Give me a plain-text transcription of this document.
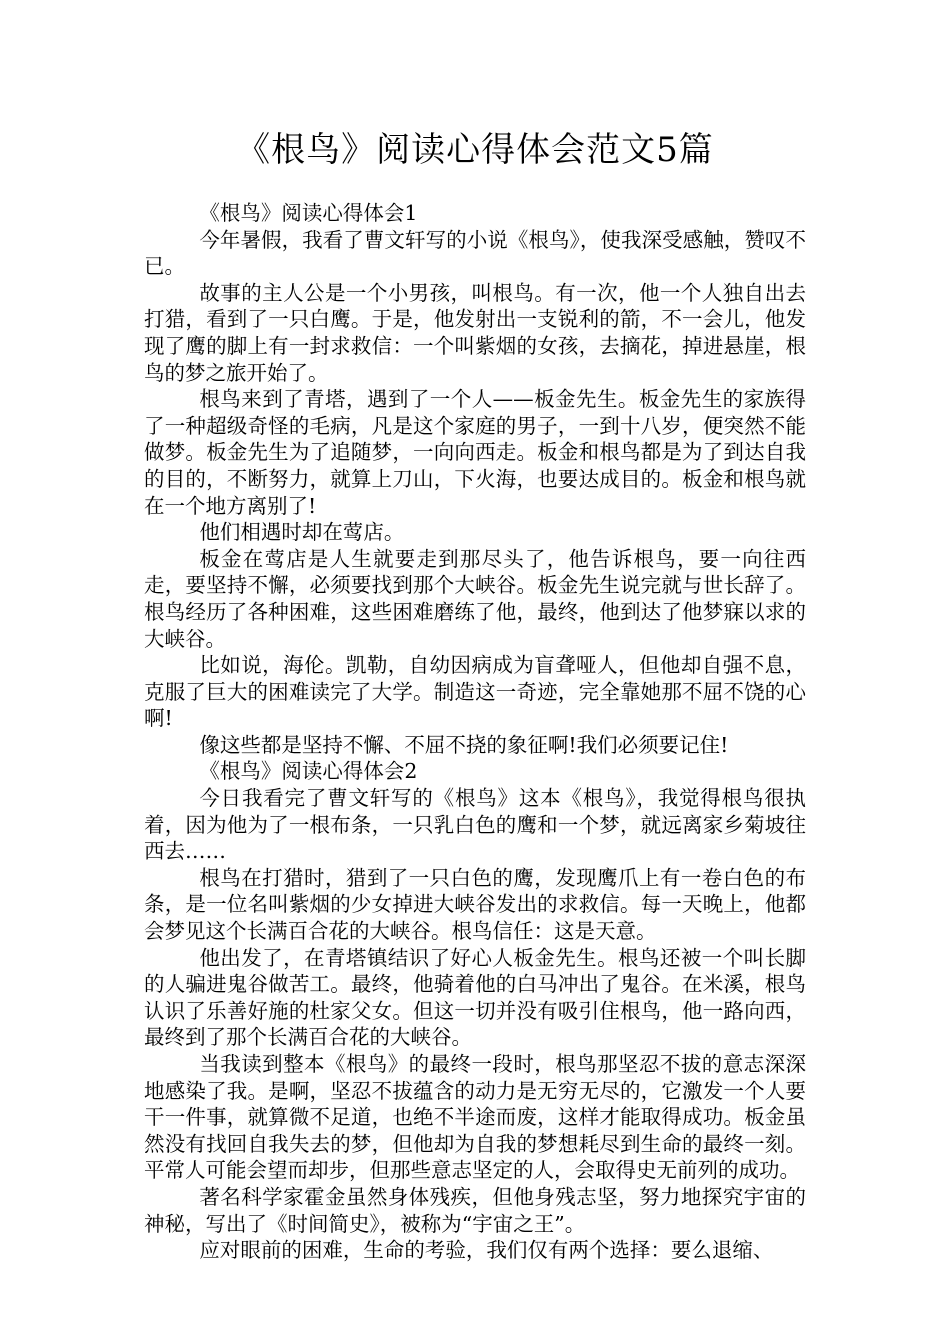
《根鸟》阅读心得体会范文5篇

《根鸟》阅读心得体会1

今年暑假，我看了曹文轩写的小说《根鸟》，使我深受感触，赞叹不已。

故事的主人公是一个小男孩，叫根鸟。有一次，他一个人独自出去打猎，看到了一只白鹰。于是，他发射出一支锐利的箭，不一会儿，他发现了鹰的脚上有一封求救信：一个叫紫烟的女孩，去摘花，掉进悬崖，根鸟的梦之旅开始了。

根鸟来到了青塔，遇到了一个人——板金先生。板金先生的家族得了一种超级奇怪的毛病，凡是这个家庭的男子，一到十八岁，便突然不能做梦。板金先生为了追随梦，一向向西走。板金和根鸟都是为了到达自我的目的，不断努力，就算上刀山，下火海，也要达成目的。板金和根鸟就在一个地方离别了!

他们相遇时却在莺店。

板金在莺店是人生就要走到那尽头了，他告诉根鸟，要一向往西走，要坚持不懈，必须要找到那个大峡谷。板金先生说完就与世长辞了。根鸟经历了各种困难，这些困难磨练了他，最终，他到达了他梦寐以求的大峡谷。

比如说，海伦。凯勒，自幼因病成为盲聋哑人，但他却自强不息，克服了巨大的困难读完了大学。制造这一奇迹，完全靠她那不屈不饶的心啊!

像这些都是坚持不懈、不屈不挠的象征啊!我们必须要记住!

《根鸟》阅读心得体会2

今日我看完了曹文轩写的《根鸟》这本《根鸟》，我觉得根鸟很执着，因为他为了一根布条，一只乳白色的鹰和一个梦，就远离家乡菊坡往西去……

根鸟在打猎时，猎到了一只白色的鹰，发现鹰爪上有一卷白色的布条，是一位名叫紫烟的少女掉进大峡谷发出的求救信。每一天晚上，他都会梦见这个长满百合花的大峡谷。根鸟信任：这是天意。

他出发了，在青塔镇结识了好心人板金先生。根鸟还被一个叫长脚的人骗进鬼谷做苦工。最终，他骑着他的白马冲出了鬼谷。在米溪，根鸟认识了乐善好施的杜家父女。但这一切并没有吸引住根鸟，他一路向西，最终到了那个长满百合花的大峡谷。

当我读到整本《根鸟》的最终一段时，根鸟那坚忍不拔的意志深深地感染了我。是啊，坚忍不拔蕴含的动力是无穷无尽的，它激发一个人要干一件事，就算微不足道，也绝不半途而废，这样才能取得成功。板金虽然没有找回自我失去的梦，但他却为自我的梦想耗尽到生命的最终一刻。平常人可能会望而却步，但那些意志坚定的人，会取得史无前列的成功。

著名科学家霍金虽然身体残疾，但他身残志坚，努力地探究宇宙的神秘，写出了《时间简史》，被称为“宇宙之王”。

应对眼前的困难，生命的考验，我们仅有两个选择：要么退缩、
